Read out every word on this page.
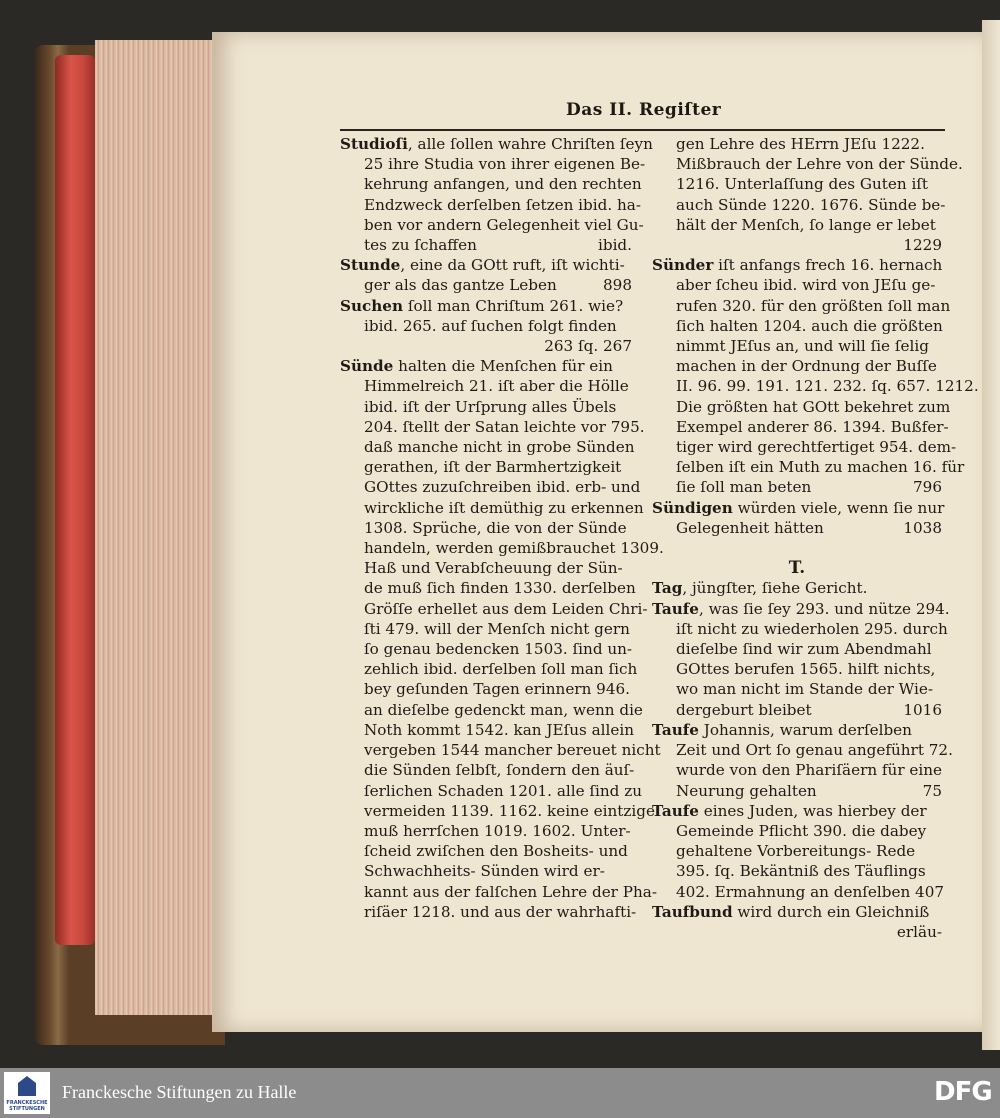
Das II. Regiſter
Studioſi, alle ſollen wahre Chriſten ſeyn
25 ihre Studia von ihrer eigenen Be-
kehrung anfangen, und den rechten
Endzweck derſelben ſetzen ibid. ha-
ben vor andern Gelegenheit viel Gu-
tes zu ſchaffen	ibid.
Stunde, eine da GOtt ruft, iſt wichti-
ger als das gantze Leben	898
Suchen ſoll man Chriſtum 261. wie?
ibid. 265. auf ſuchen folgt finden
263 ſq. 267
Sünde halten die Menſchen für ein
Himmelreich 21. iſt aber die Hölle
ibid. iſt der Urſprung alles Übels
204. ſtellt der Satan leichte vor 795.
daß manche nicht in grobe Sünden
gerathen, iſt der Barmhertzigkeit
GOttes zuzuſchreiben ibid. erb- und
wirckliche iſt demüthig zu erkennen
1308. Sprüche, die von der Sünde
handeln, werden gemißbrauchet 1309.
Haß und Verabſcheuung der Sün-
de muß ſich finden 1330. derſelben
Gröſſe erhellet aus dem Leiden Chri-
ſti 479. will der Menſch nicht gern
ſo genau bedencken 1503. ſind un-
zehlich ibid. derſelben ſoll man ſich
bey geſunden Tagen erinnern 946.
an dieſelbe gedenckt man, wenn die
Noth kommt 1542. kan JEſus allein
vergeben 1544 mancher bereuet nicht
die Sünden ſelbſt, ſondern den äuſ-
ſerlichen Schaden 1201. alle ſind zu
vermeiden 1139. 1162. keine eintzige
muß herrſchen 1019. 1602. Unter-
ſcheid zwiſchen den Bosheits- und
Schwachheits- Sünden wird er-
kannt aus der falſchen Lehre der Pha-
riſäer 1218. und aus der wahrhafti-
gen Lehre des HErrn JEſu 1222.
Mißbrauch der Lehre von der Sünde.
1216. Unterlaſſung des Guten iſt
auch Sünde 1220. 1676. Sünde be-
hält der Menſch, ſo lange er lebet
1229
Sünder iſt anfangs frech 16. hernach
aber ſcheu ibid. wird von JEſu ge-
rufen 320. für den größten ſoll man
ſich halten 1204. auch die größten
nimmt JEſus an, und will ſie ſelig
machen in der Ordnung der Buſſe
II. 96. 99. 191. 121. 232. ſq. 657. 1212.
Die größten hat GOtt bekehret zum
Exempel anderer 86. 1394. Bußfer-
tiger wird gerechtfertiget 954. dem-
ſelben iſt ein Muth zu machen 16. für
ſie ſoll man beten	796
Sündigen würden viele, wenn ſie nur
Gelegenheit hätten	1038

T.
Tag, jüngſter, ſiehe Gericht.
Taufe, was ſie ſey 293. und nütze 294.
iſt nicht zu wiederholen 295. durch
dieſelbe ſind wir zum Abendmahl
GOttes berufen 1565. hilft nichts,
wo man nicht im Stande der Wie-
dergeburt bleibet	1016
Taufe Johannis, warum derſelben
Zeit und Ort ſo genau angeführt 72.
wurde von den Phariſäern für eine
Neurung gehalten	75
Taufe eines Juden, was hierbey der
Gemeinde Pflicht 390. die dabey
gehaltene Vorbereitungs- Rede
395. ſq. Bekäntniß des Täuflings
402. Ermahnung an denſelben 407
Taufbund wird durch ein Gleichniß
erläu-
FRANCKESCHE STIFTUNGEN
Franckesche Stiftungen zu Halle	DFG
